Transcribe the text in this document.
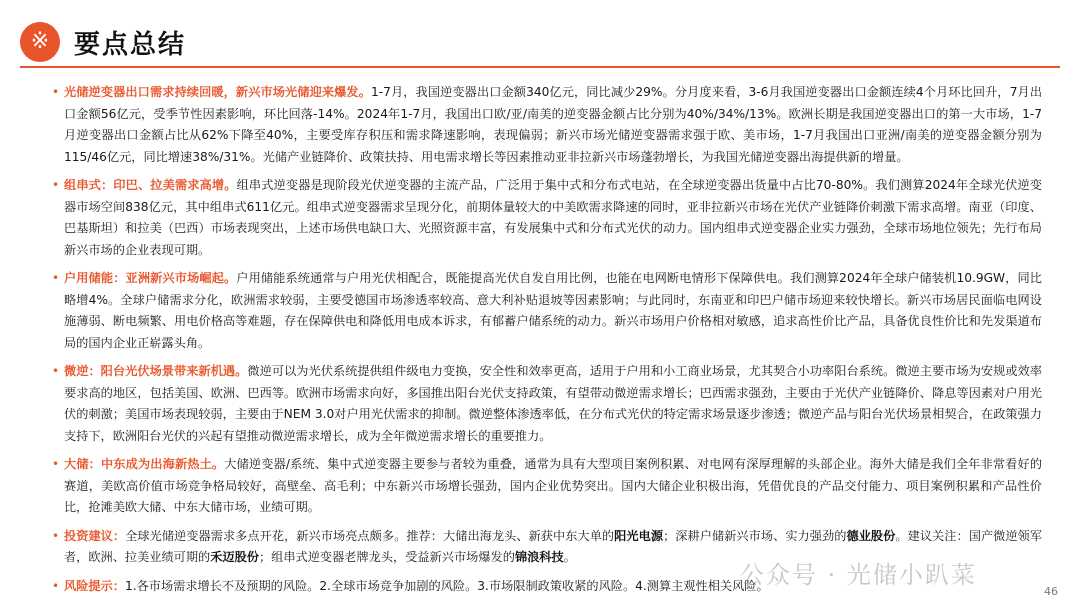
※ 要点总结
• 光储逆变器出口需求持续回暖，新兴市场光储迎来爆发。1-7月，我国逆变器出口金额340亿元，同比减少29%。分月度来看，3-6月我国逆变器出口金额连续4个月环比回升，7月出口金额56亿元，受季节性因素影响，环比回落-14%。2024年1-7月，我国出口欧/亚/南美的逆变器金额占比分别为40%/34%/13%。欧洲长期是我国逆变器出口的第一大市场，1-7月逆变器出口金额占比从62%下降至40%，主要受库存积压和需求降速影响，表现偏弱；新兴市场光储逆变器需求强于欧、美市场，1-7月我国出口亚洲/南美的逆变器金额分别为115/46亿元，同比增速38%/31%。光储产业链降价、政策扶持、用电需求增长等因素推动亚非拉新兴市场蓬勃增长，为我国光储逆变器出海提供新的增量。
• 组串式：印巴、拉美需求高增。组串式逆变器是现阶段光伏逆变器的主流产品，广泛用于集中式和分布式电站，在全球逆变器出货量中占比70-80%。我们测算2024年全球光伏逆变器市场空间838亿元，其中组串式611亿元。组串式逆变器需求呈现分化，前期体量较大的中美欧需求降速的同时，亚非拉新兴市场在光伏产业链降价刺激下需求高增。南亚（印度、巴基斯坦）和拉美（巴西）市场表现突出，上述市场供电缺口大、光照资源丰富，有发展集中式和分布式光伏的动力。国内组串式逆变器企业实力强劲，全球市场地位领先；先行布局新兴市场的企业表现可期。
• 户用储能：亚洲新兴市场崛起。户用储能系统通常与户用光伏相配合，既能提高光伏自发自用比例，也能在电网断电情形下保障供电。我们测算2024年全球户储装机10.9GW，同比略增4%。全球户储需求分化，欧洲需求较弱，主要受德国市场渗透率较高、意大利补贴退坡等因素影响；与此同时，东南亚和印巴户储市场迎来较快增长。新兴市场居民面临电网设施薄弱、断电频繁、用电价格高等难题，存在保障供电和降低用电成本诉求，有郁蓄户储系统的动力。新兴市场用户价格相对敏感，追求高性价比产品，具备优良性价比和先发渠道布局的国内企业正崭露头角。
• 微逆：阳台光伏场景带来新机遇。微逆可以为光伏系统提供组件级电力变换，安全性和效率更高，适用于户用和小工商业场景，尤其契合小功率阳台系统。微逆主要市场为安规或效率要求高的地区，包括美国、欧洲、巴西等。欧洲市场需求向好，多国推出阳台光伏支持政策，有望带动微逆需求增长；巴西需求强劲，主要由于光伏产业链降价、降息等因素对户用光伏的刺激；美国市场表现较弱，主要由于NEM 3.0对户用光伏需求的抑制。微逆整体渗透率低，在分布式光伏的特定需求场景逐步渗透；微逆产品与阳台光伏场景相契合，在政策强力支持下，欧洲阳台光伏的兴起有望推动微逆需求增长，成为全年微逆需求增长的重要推力。
• 大储：中东成为出海新热土。大储逆变器/系统、集中式逆变器主要参与者较为重叠，通常为具有大型项目案例积累、对电网有深厚理解的头部企业。海外大储是我们全年非常看好的赛道，美欧高价值市场竞争格局较好，高壁垒、高毛利；中东新兴市场增长强劲，国内企业优势突出。国内大储企业积极出海，凭借优良的产品交付能力、项目案例积累和产品性价比，抢滩美欧大储、中东大储市场，业绩可期。
• 投资建议：全球光储逆变器需求多点开花，新兴市场亮点颇多。推荐：大储出海龙头、新获中东大单的阳光电源；深耕户储新兴市场、实力强劲的德业股份。建议关注：国产微逆领军者，欧洲、拉美业绩可期的禾迈股份；组串式逆变器老牌龙头，受益新兴市场爆发的锦浪科技。
• 风险提示：1.各市场需求增长不及预期的风险。2.全球市场竞争加剧的风险。3.市场限制政策收紧的风险。4.测算主观性相关风险。
公众号 · 光储小趴菜
46
